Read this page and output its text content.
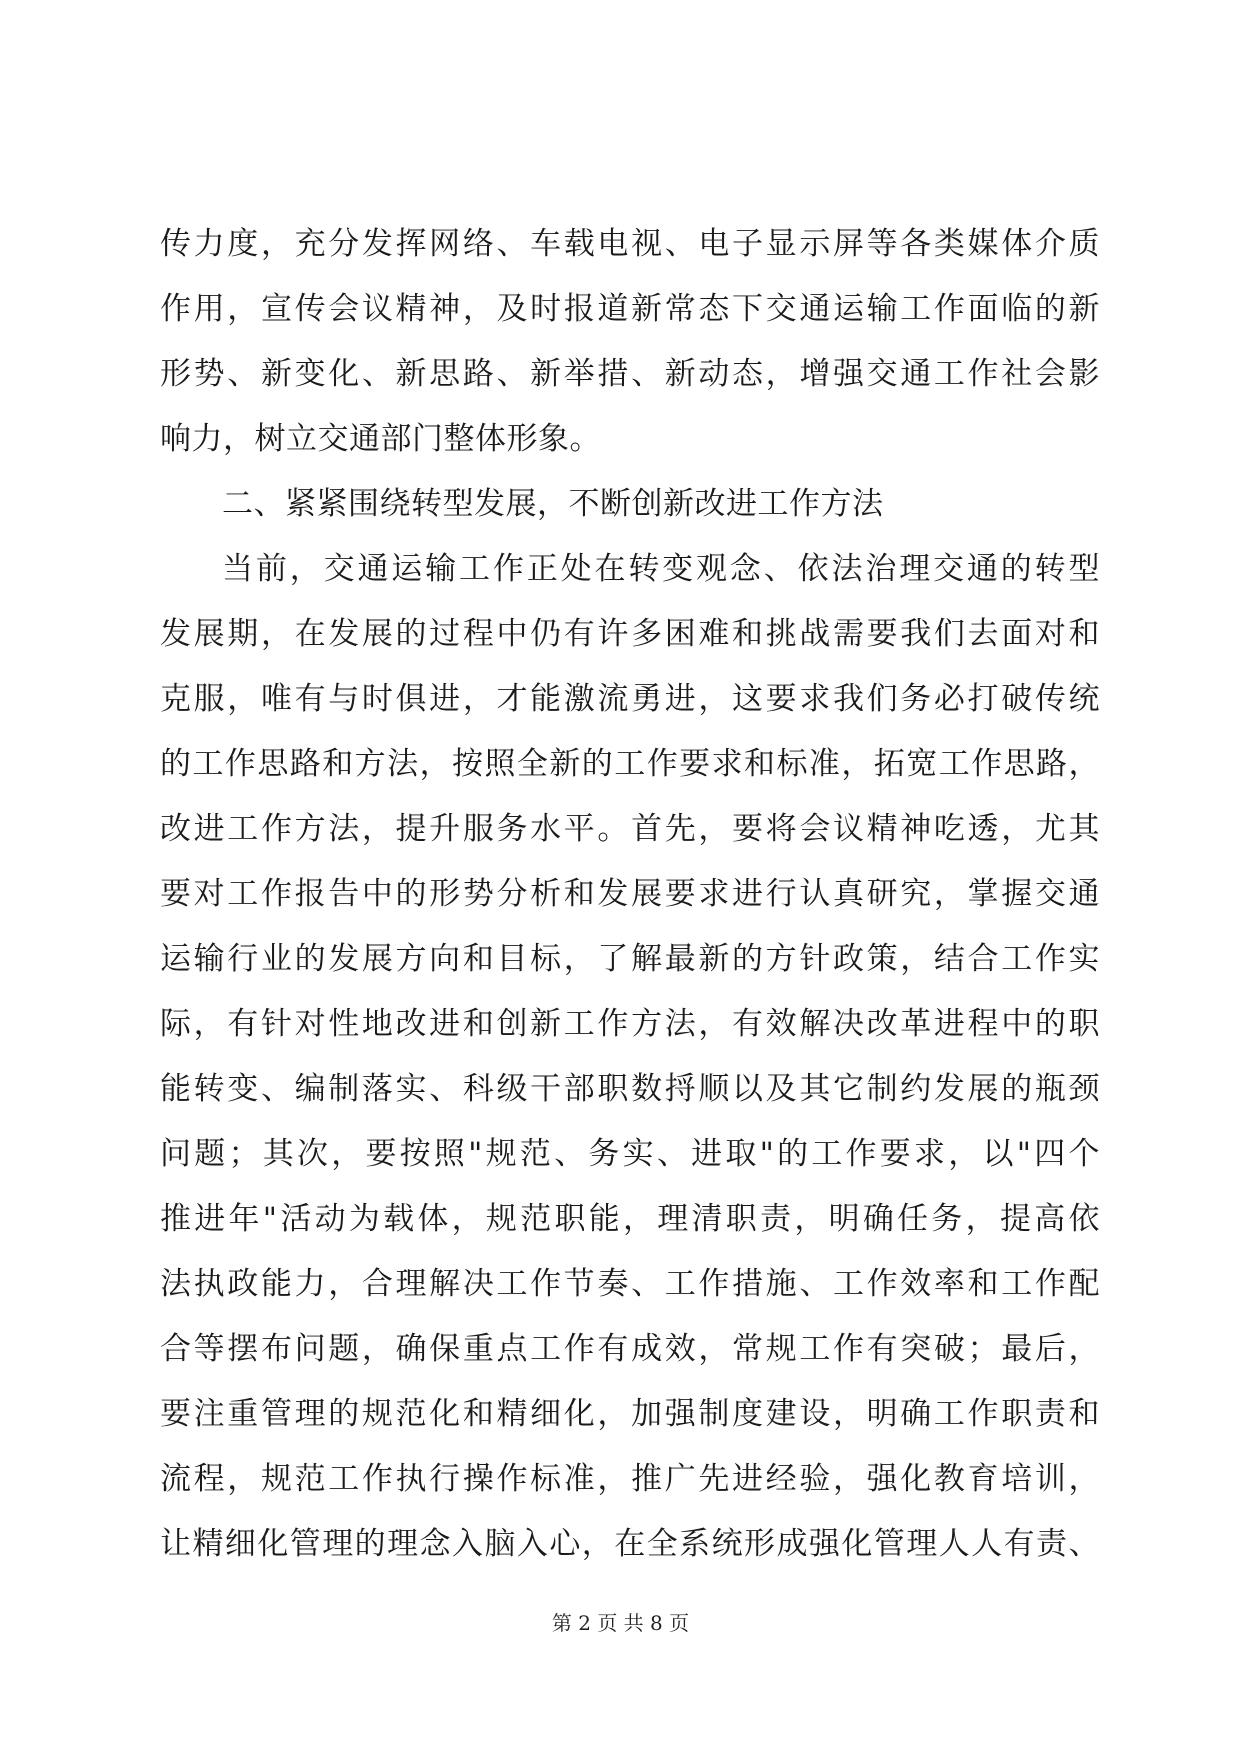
传力度，充分发挥网络、车载电视、电子显示屏等各类媒体介质
作用，宣传会议精神，及时报道新常态下交通运输工作面临的新
形势、新变化、新思路、新举措、新动态，增强交通工作社会影
响力，树立交通部门整体形象。
二、紧紧围绕转型发展，不断创新改进工作方法
当前，交通运输工作正处在转变观念、依法治理交通的转型
发展期，在发展的过程中仍有许多困难和挑战需要我们去面对和
克服，唯有与时俱进，才能激流勇进，这要求我们务必打破传统
的工作思路和方法，按照全新的工作要求和标准，拓宽工作思路，
改进工作方法，提升服务水平。首先，要将会议精神吃透，尤其
要对工作报告中的形势分析和发展要求进行认真研究，掌握交通
运输行业的发展方向和目标，了解最新的方针政策，结合工作实
际，有针对性地改进和创新工作方法，有效解决改革进程中的职
能转变、编制落实、科级干部职数捋顺以及其它制约发展的瓶颈
问题；其次，要按照"规范、务实、进取"的工作要求，以"四个
推进年"活动为载体，规范职能，理清职责，明确任务，提高依
法执政能力，合理解决工作节奏、工作措施、工作效率和工作配
合等摆布问题，确保重点工作有成效，常规工作有突破；最后，
要注重管理的规范化和精细化，加强制度建设，明确工作职责和
流程，规范工作执行操作标准，推广先进经验，强化教育培训，
让精细化管理的理念入脑入心，在全系统形成强化管理人人有责、
第 2 页 共 8 页
